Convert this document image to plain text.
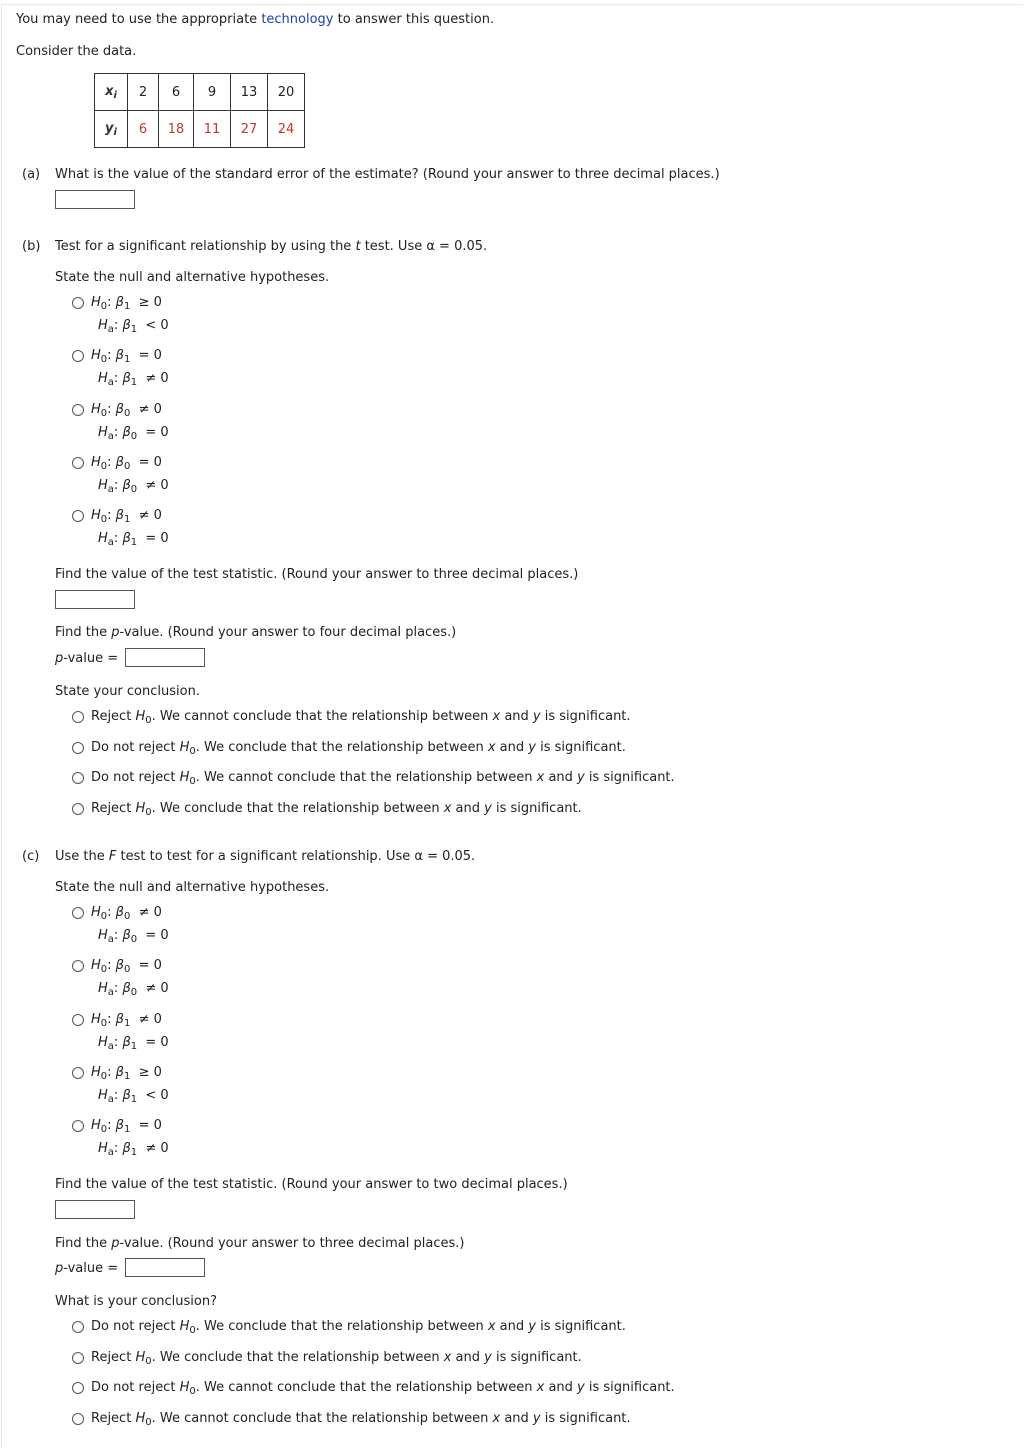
You may need to use the appropriate technology to answer this question.
Consider the data.
$x_i$	2	6	9	13	20
$y_i$	6	18	11	27	24
(a) What is the value of the standard error of the estimate? (Round your answer to three decimal places.)
(b) Test for a significant relationship by using the t test. Use α = 0.05.
State the null and alternative hypotheses.
$H_0$: $\beta_1 \ge 0$
$H_a$: $\beta_1 < 0$
$H_0$: $\beta_1 = 0$
$H_a$: $\beta_1 \ne 0$
$H_0$: $\beta_0 \ne 0$
$H_a$: $\beta_0 = 0$
$H_0$: $\beta_0 = 0$
$H_a$: $\beta_0 \ne 0$
$H_0$: $\beta_1 \ne 0$
$H_a$: $\beta_1 = 0$
Find the value of the test statistic. (Round your answer to three decimal places.)
Find the p-value. (Round your answer to four decimal places.)
p-value =
State your conclusion.
Reject $H_0$. We cannot conclude that the relationship between x and y is significant.
Do not reject $H_0$. We conclude that the relationship between x and y is significant.
Do not reject $H_0$. We cannot conclude that the relationship between x and y is significant.
Reject $H_0$. We conclude that the relationship between x and y is significant.
(c) Use the F test to test for a significant relationship. Use α = 0.05.
State the null and alternative hypotheses.
$H_0$: $\beta_0 \ne 0$
$H_a$: $\beta_0 = 0$
$H_0$: $\beta_0 = 0$
$H_a$: $\beta_0 \ne 0$
$H_0$: $\beta_1 \ne 0$
$H_a$: $\beta_1 = 0$
$H_0$: $\beta_1 \ge 0$
$H_a$: $\beta_1 < 0$
$H_0$: $\beta_1 = 0$
$H_a$: $\beta_1 \ne 0$
Find the value of the test statistic. (Round your answer to two decimal places.)
Find the p-value. (Round your answer to three decimal places.)
p-value =
What is your conclusion?
Do not reject $H_0$. We conclude that the relationship between x and y is significant.
Reject $H_0$. We conclude that the relationship between x and y is significant.
Do not reject $H_0$. We cannot conclude that the relationship between x and y is significant.
Reject $H_0$. We cannot conclude that the relationship between x and y is significant.
